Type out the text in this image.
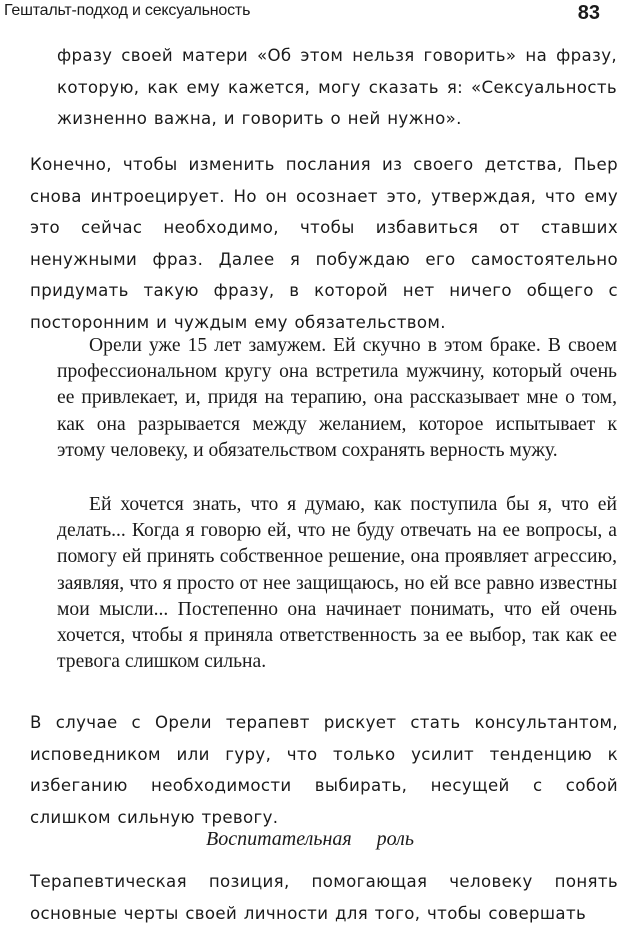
Гештальт-подход и сексуальность	83

фразу своей матери «Об этом нельзя говорить» на фразу, которую, как ему кажется, могу сказать я: «Сексуальность жизненно важна, и говорить о ней нужно».

Конечно, чтобы изменить послания из своего детства, Пьер снова интроецирует. Но он осознает это, утверждая, что ему это сейчас необходимо, чтобы избавиться от ставших ненужными фраз. Далее я побуждаю его самостоятельно придумать такую фразу, в которой нет ничего общего с посторонним и чуждым ему обязательством.

Орели уже 15 лет замужем. Ей скучно в этом браке. В своем профессиональном кругу она встретила мужчину, который очень ее привлекает, и, придя на терапию, она рассказывает мне о том, как она разрывается между желанием, которое испытывает к этому человеку, и обязательством сохранять верность мужу.

Ей хочется знать, что я думаю, как поступила бы я, что ей делать... Когда я говорю ей, что не буду отвечать на ее вопросы, а помогу ей принять собственное решение, она проявляет агрессию, заявляя, что я просто от нее защищаюсь, но ей все равно известны мои мысли... Постепенно она начинает понимать, что ей очень хочется, чтобы я приняла ответственность за ее выбор, так как ее тревога слишком сильна.

В случае с Орели терапевт рискует стать консультантом, исповедником или гуру, что только усилит тенденцию к избеганию необходимости выбирать, несущей с собой слишком сильную тревогу.

Воспитательная роль

Терапевтическая позиция, помогающая человеку понять основные черты своей личности для того, чтобы совершать
